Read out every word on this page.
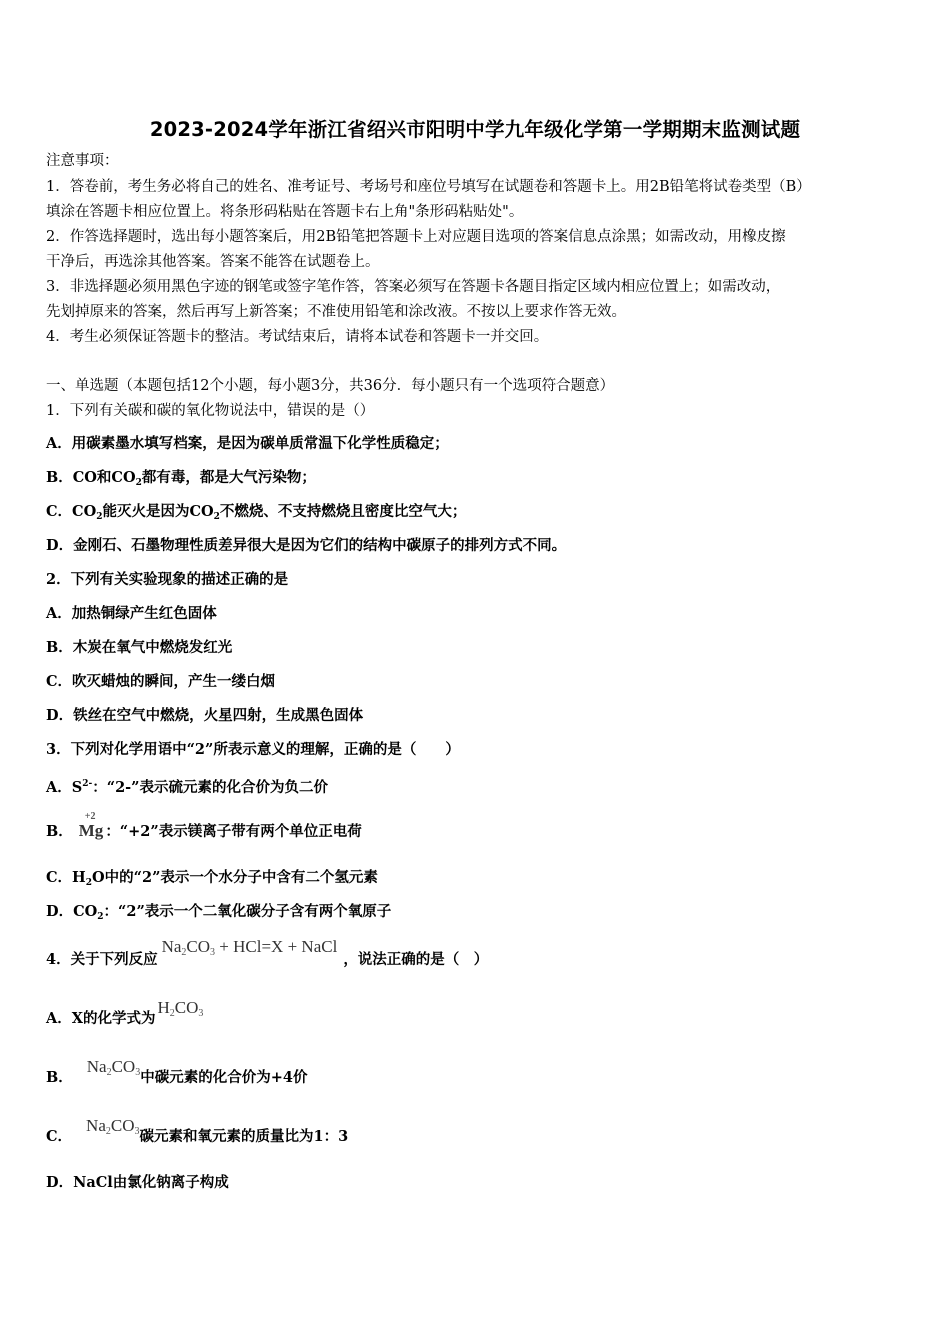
2023-2024学年浙江省绍兴市阳明中学九年级化学第一学期期末监测试题
注意事项：
1．答卷前，考生务必将自己的姓名、准考证号、考场号和座位号填写在试题卷和答题卡上。用2B铅笔将试卷类型（B）
填涂在答题卡相应位置上。将条形码粘贴在答题卡右上角"条形码粘贴处"。
2．作答选择题时，选出每小题答案后，用2B铅笔把答题卡上对应题目选项的答案信息点涂黑；如需改动，用橡皮擦
干净后，再选涂其他答案。答案不能答在试题卷上。
3．非选择题必须用黑色字迹的钢笔或签字笔作答，答案必须写在答题卡各题目指定区域内相应位置上；如需改动，
先划掉原来的答案，然后再写上新答案；不准使用铅笔和涂改液。不按以上要求作答无效。
4．考生必须保证答题卡的整洁。考试结束后，请将本试卷和答题卡一并交回。
一、单选题（本题包括12个小题，每小题3分，共36分．每小题只有一个选项符合题意）
1．下列有关碳和碳的氧化物说法中，错误的是（）
A．用碳素墨水填写档案，是因为碳单质常温下化学性质稳定；
B．CO和$CO_2$都有毒，都是大气污染物；
C．$CO_2$能灭火是因为$CO_2$不燃烧、不支持燃烧且密度比空气大；
D．金刚石、石墨物理性质差异很大是因为它们的结构中碳原子的排列方式不同。
2．下列有关实验现象的描述正确的是
A．加热铜绿产生红色固体
B．木炭在氧气中燃烧发红光
C．吹灭蜡烛的瞬间，产生一缕白烟
D．铁丝在空气中燃烧，火星四射，生成黑色固体
3．下列对化学用语中“2”所表示意义的理解，正确的是（　　）
A．$S^{2-}$：“2-”表示硫元素的化合价为负二价
B．
+2
Mg ：“+2”表示镁离子带有两个单位正电荷
C．$H_2O$中的“2”表示一个水分子中含有二个氢元素
D．$CO_2$：“2”表示一个二氧化碳分子含有两个氧原子
4．关于下列反应$Na_2CO_3 + HCl=X$ + NaCl，说法正确的是（　）
A．X的化学式为$H_2CO_3$
B．$Na_2CO_3$中碳元素的化合价为+4价
C．$Na_2CO_3$碳元素和氧元素的质量比为1：3
D．NaCl由氯化钠离子构成
